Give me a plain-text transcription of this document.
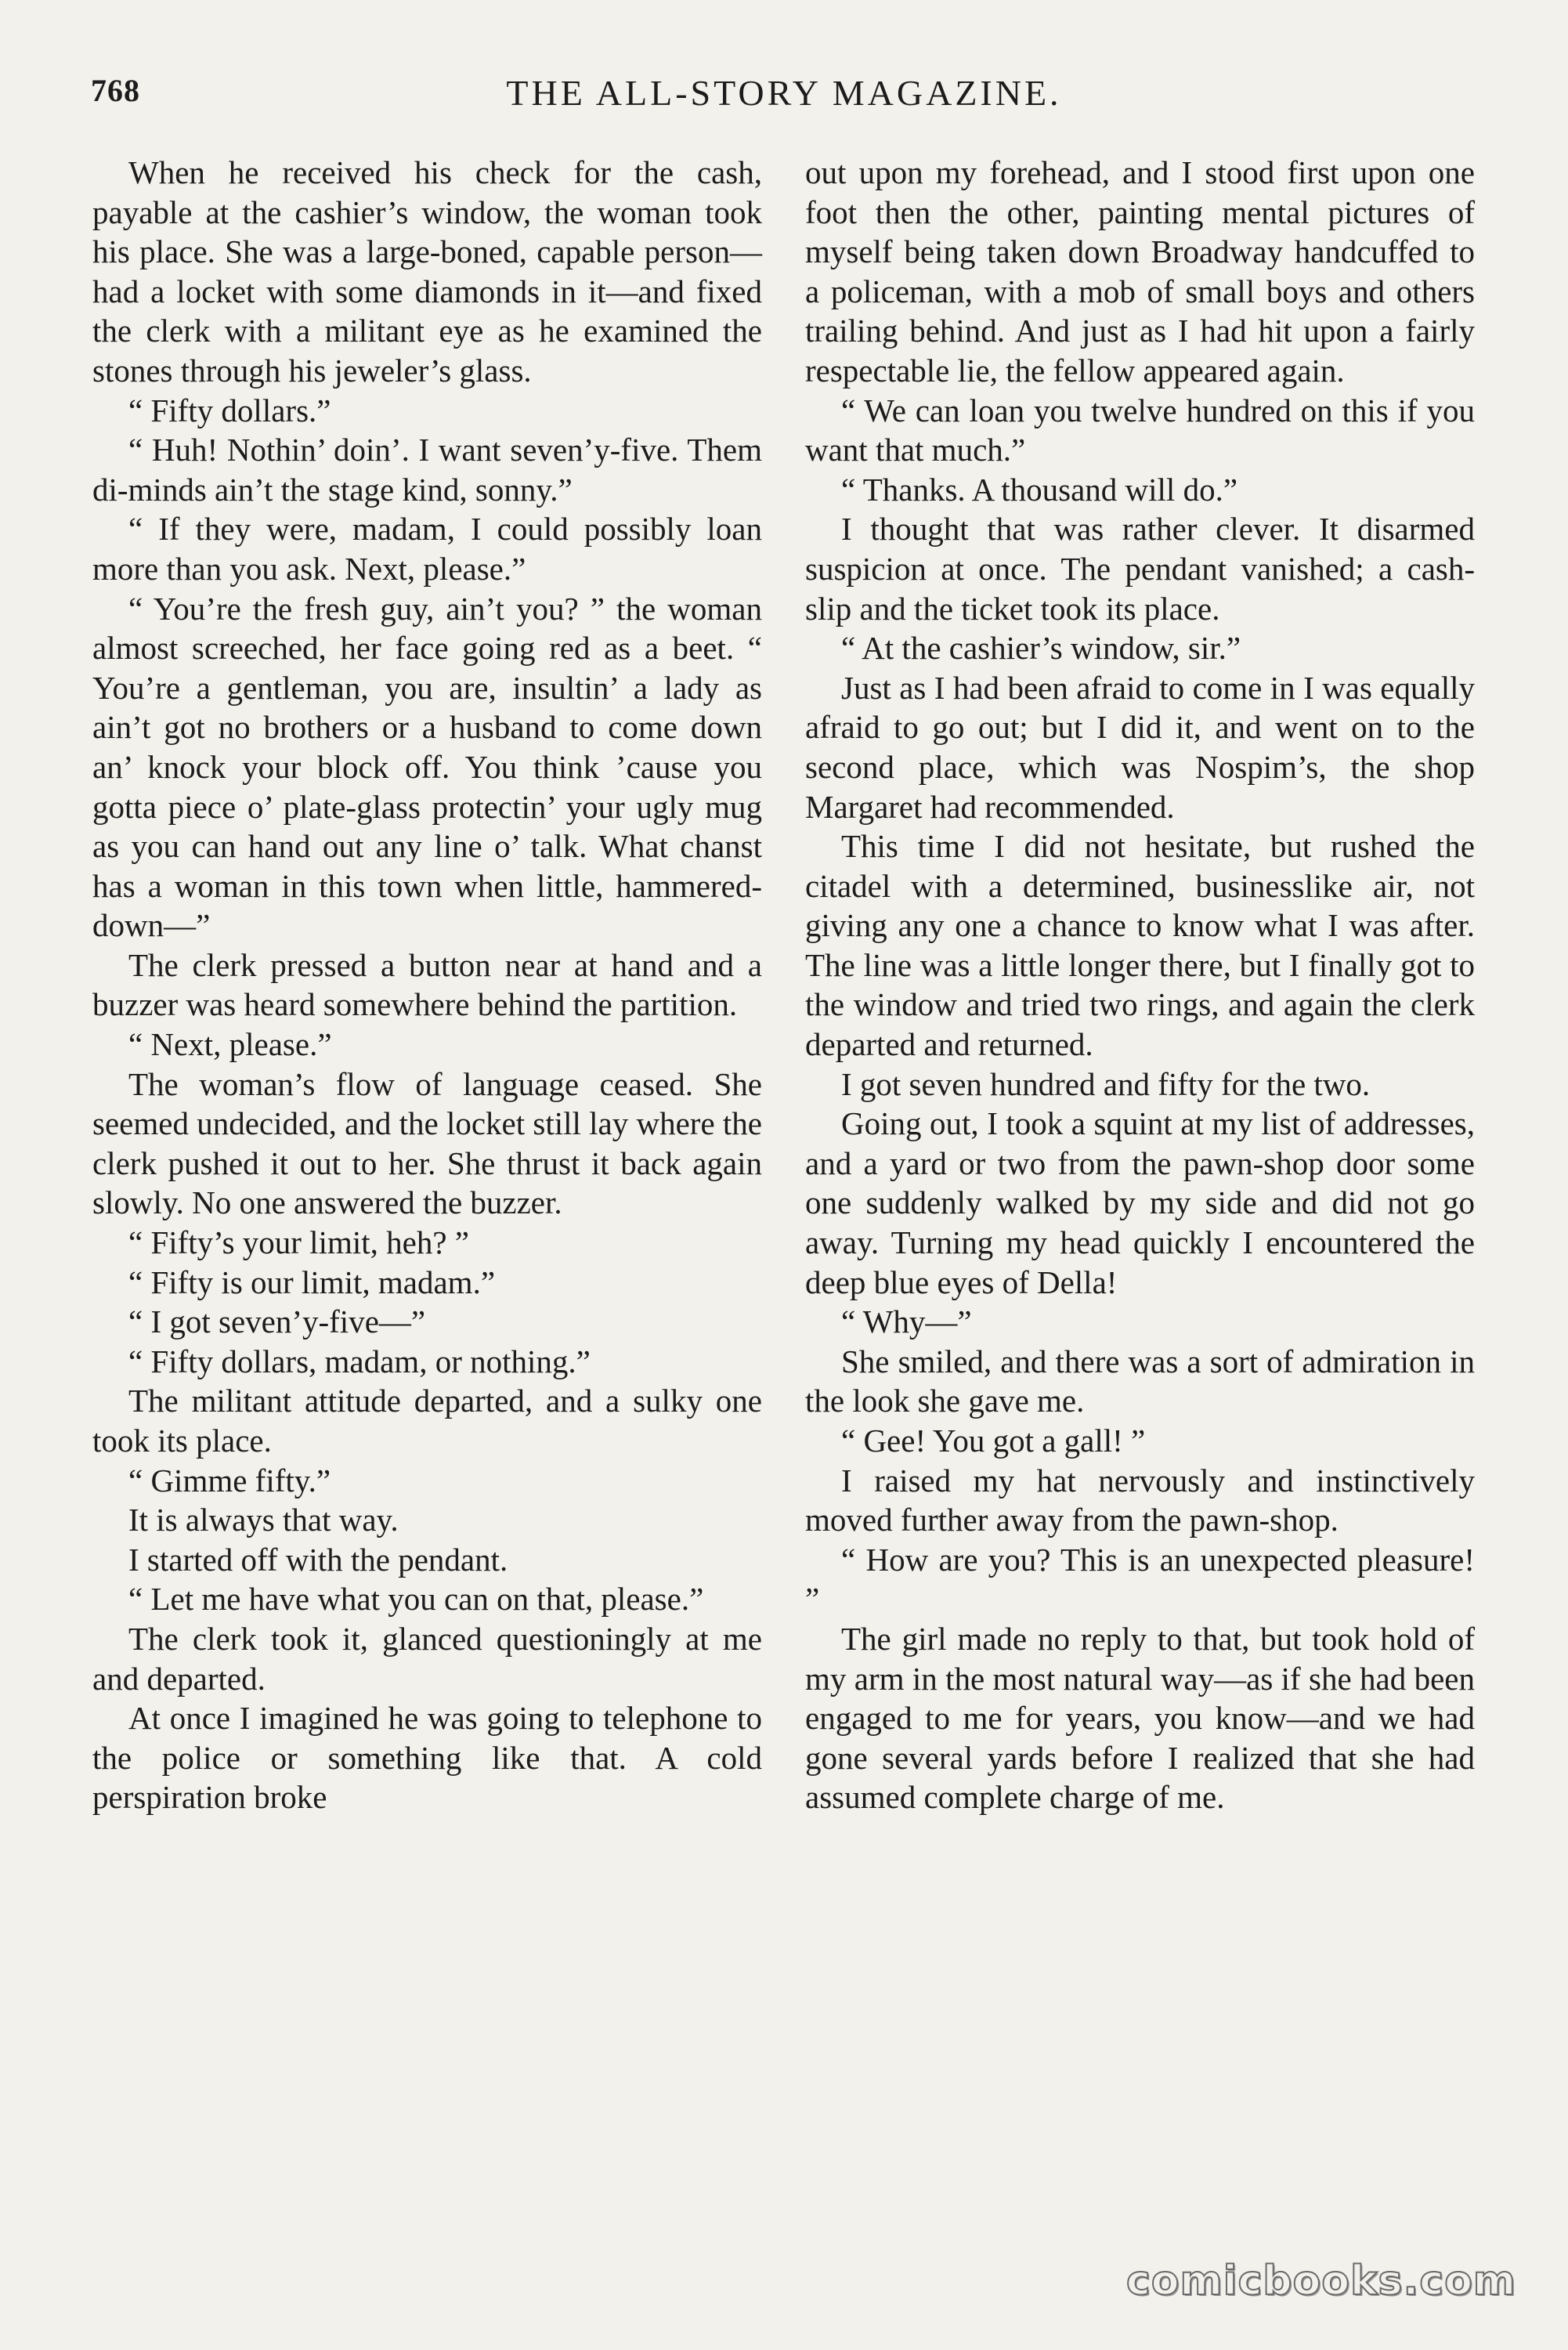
768	THE ALL-STORY MAGAZINE.

When he received his check for the cash, payable at the cashier’s window, the woman took his place. She was a large-boned, capable person—had a locket with some diamonds in it—and fixed the clerk with a militant eye as he examined the stones through his jeweler’s glass.

“ Fifty dollars.”

“ Huh! Nothin’ doin’. I want seven’y-five. Them di-minds ain’t the stage kind, sonny.”

“ If they were, madam, I could possibly loan more than you ask. Next, please.”

“ You’re the fresh guy, ain’t you? ” the woman almost screeched, her face going red as a beet. “ You’re a gentleman, you are, insultin’ a lady as ain’t got no brothers or a husband to come down an’ knock your block off. You think ’cause you gotta piece o’ plate-glass protectin’ your ugly mug as you can hand out any line o’ talk. What chanst has a woman in this town when little, hammered-down—”

The clerk pressed a button near at hand and a buzzer was heard somewhere behind the partition.

“ Next, please.”

The woman’s flow of language ceased. She seemed undecided, and the locket still lay where the clerk pushed it out to her. She thrust it back again slowly. No one answered the buzzer.

“ Fifty’s your limit, heh? ”

“ Fifty is our limit, madam.”

“ I got seven’y-five—”

“ Fifty dollars, madam, or nothing.”

The militant attitude departed, and a sulky one took its place.

“ Gimme fifty.”

It is always that way.

I started off with the pendant.

“ Let me have what you can on that, please.”

The clerk took it, glanced questioningly at me and departed.

At once I imagined he was going to telephone to the police or something like that. A cold perspiration broke

out upon my forehead, and I stood first upon one foot then the other, painting mental pictures of myself being taken down Broadway handcuffed to a policeman, with a mob of small boys and others trailing behind. And just as I had hit upon a fairly respectable lie, the fellow appeared again.

“ We can loan you twelve hundred on this if you want that much.”

“ Thanks. A thousand will do.”

I thought that was rather clever. It disarmed suspicion at once. The pendant vanished; a cash-slip and the ticket took its place.

“ At the cashier’s window, sir.”

Just as I had been afraid to come in I was equally afraid to go out; but I did it, and went on to the second place, which was Nospim’s, the shop Margaret had recommended.

This time I did not hesitate, but rushed the citadel with a determined, businesslike air, not giving any one a chance to know what I was after. The line was a little longer there, but I finally got to the window and tried two rings, and again the clerk departed and returned.

I got seven hundred and fifty for the two.

Going out, I took a squint at my list of addresses, and a yard or two from the pawn-shop door some one suddenly walked by my side and did not go away. Turning my head quickly I encountered the deep blue eyes of Della!

“ Why—”

She smiled, and there was a sort of admiration in the look she gave me.

“ Gee! You got a gall! ”

I raised my hat nervously and instinctively moved further away from the pawn-shop.

“ How are you? This is an unexpected pleasure! ”

The girl made no reply to that, but took hold of my arm in the most natural way—as if she had been engaged to me for years, you know—and we had gone several yards before I realized that she had assumed complete charge of me.

comicbooks.com
